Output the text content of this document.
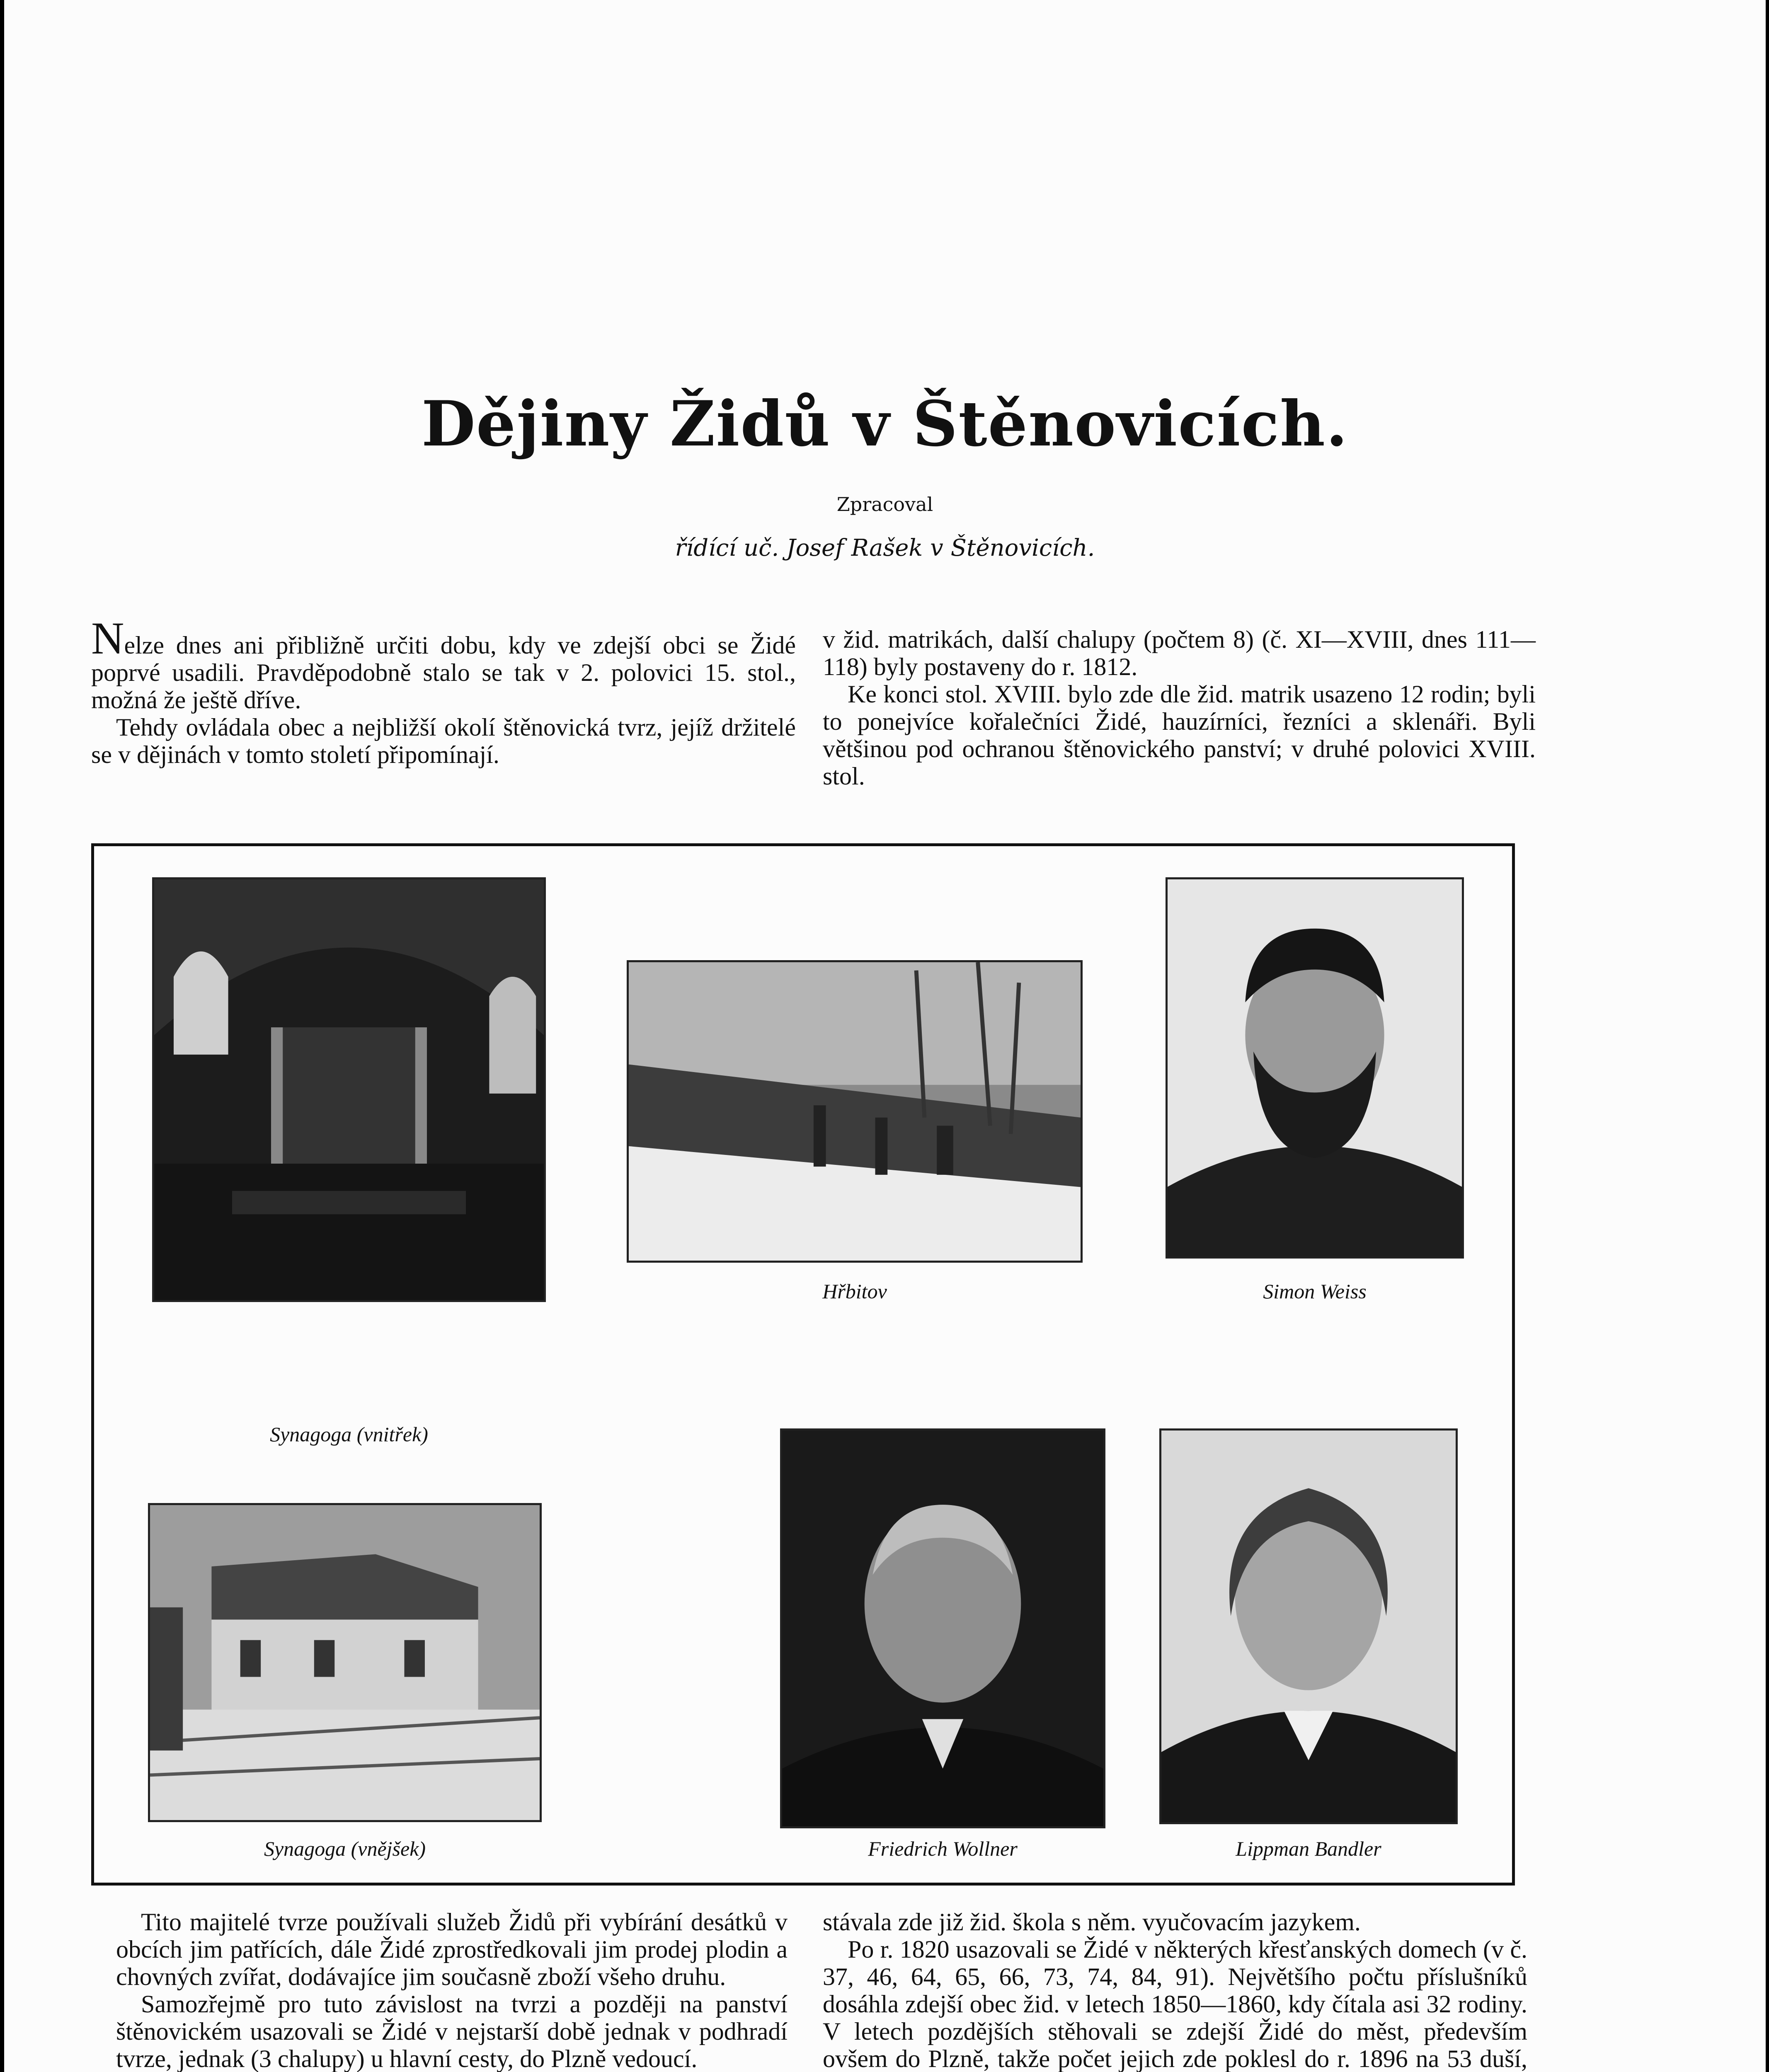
Dějiny Židů v Štěnovicích.
Zpracoval
řídící uč. Josef Rašek v Štěnovicích.

Nelze dnes ani přibližně určiti dobu, kdy ve zdejší obci se Židé poprvé usadili. Pravděpodobně stalo se tak v 2. polovici 15. stol., možná že ještě dříve.

Tehdy ovládala obec a nejbližší okolí štěnovická tvrz, jejíž držitelé se v dějinách v tomto století připomínají.

v žid. matrikách, další chalupy (počtem 8) (č. XI—XVIII, dnes 111—118) byly postaveny do r. 1812.

Ke konci stol. XVIII. bylo zde dle žid. matrik usazeno 12 rodin; byli to ponejvíce kořalečníci Židé, hauzírníci, řezníci a sklenáři. Byli většinou pod ochranou štěnovického panství; v druhé polovici XVIII. stol.

Synagoga (vnitřek)
Hřbitov	Simon Weiss
Synagoga (vnějšek)	Friedrich Wollner	Lippman Bandler

Tito majitelé tvrze používali služeb Židů při vybírání desátků v obcích jim patřících, dále Židé zprostředkovali jim prodej plodin a chovných zvířat, dodávajíce jim současně zboží všeho druhu.

Samozřejmě pro tuto závislost na tvrzi a později na panství štěnovickém usazovali se Židé v nejstarší době jednak v podhradí tvrze, jednak (3 chalupy) u hlavní cesty, do Plzně vedoucí.

stávala zde již žid. škola s něm. vyučovacím jazykem.

Po r. 1820 usazovali se Židé v některých křesťanských domech (v č. 37, 46, 64, 65, 66, 73, 74, 84, 91). Největšího počtu příslušníků dosáhla zdejší obec žid. v letech 1850—1860, kdy čítala asi 32 rodiny. V letech pozdějších stěhovali se zdejší Židé do měst, především ovšem do Plzně, takže počet jejich zde poklesl do r. 1896 na 53 duší,
